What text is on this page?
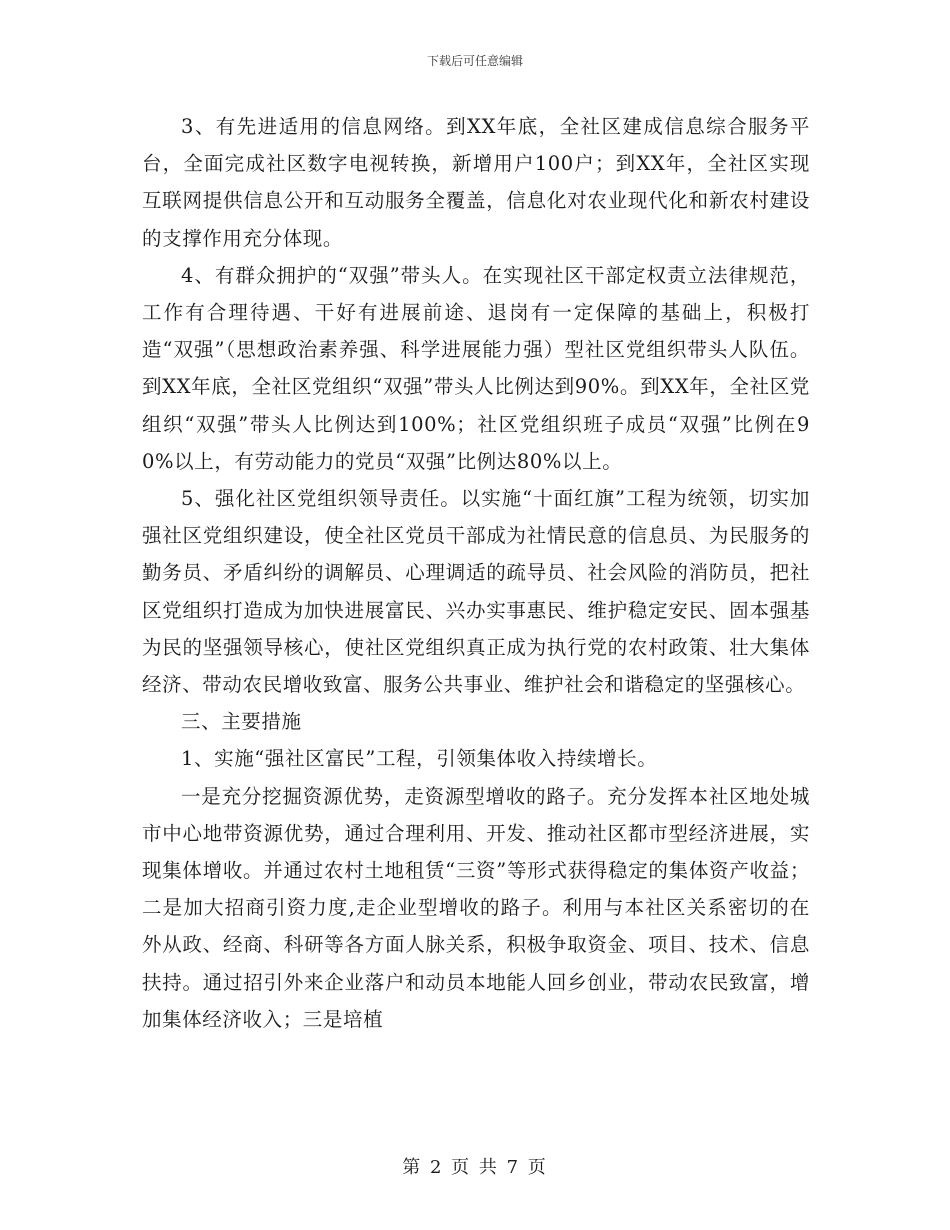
下载后可任意编辑

3、有先进适用的信息网络。到XX年底，全社区建成信息综合服务平台，全面完成社区数字电视转换，新增用户100户；到XX年，全社区实现互联网提供信息公开和互动服务全覆盖，信息化对农业现代化和新农村建设的支撑作用充分体现。

4、有群众拥护的“双强”带头人。在实现社区干部定权责立法律规范，工作有合理待遇、干好有进展前途、退岗有一定保障的基础上，积极打造“双强”（思想政治素养强、科学进展能力强）型社区党组织带头人队伍。到XX年底，全社区党组织“双强”带头人比例达到90%。到XX年，全社区党组织“双强”带头人比例达到100%；社区党组织班子成员“双强”比例在90%以上，有劳动能力的党员“双强”比例达80%以上。

5、强化社区党组织领导责任。以实施“十面红旗”工程为统领，切实加强社区党组织建设，使全社区党员干部成为社情民意的信息员、为民服务的勤务员、矛盾纠纷的调解员、心理调适的疏导员、社会风险的消防员，把社区党组织打造成为加快进展富民、兴办实事惠民、维护稳定安民、固本强基为民的坚强领导核心，使社区党组织真正成为执行党的农村政策、壮大集体经济、带动农民增收致富、服务公共事业、维护社会和谐稳定的坚强核心。

三、主要措施

1、实施“强社区富民”工程，引领集体收入持续增长。

一是充分挖掘资源优势，走资源型增收的路子。充分发挥本社区地处城市中心地带资源优势，通过合理利用、开发、推动社区都市型经济进展，实现集体增收。并通过农村土地租赁“三资”等形式获得稳定的集体资产收益；二是加大招商引资力度,走企业型增收的路子。利用与本社区关系密切的在外从政、经商、科研等各方面人脉关系，积极争取资金、项目、技术、信息扶持。通过招引外来企业落户和动员本地能人回乡创业，带动农民致富，增加集体经济收入；三是培植

第 2 页 共 7 页
